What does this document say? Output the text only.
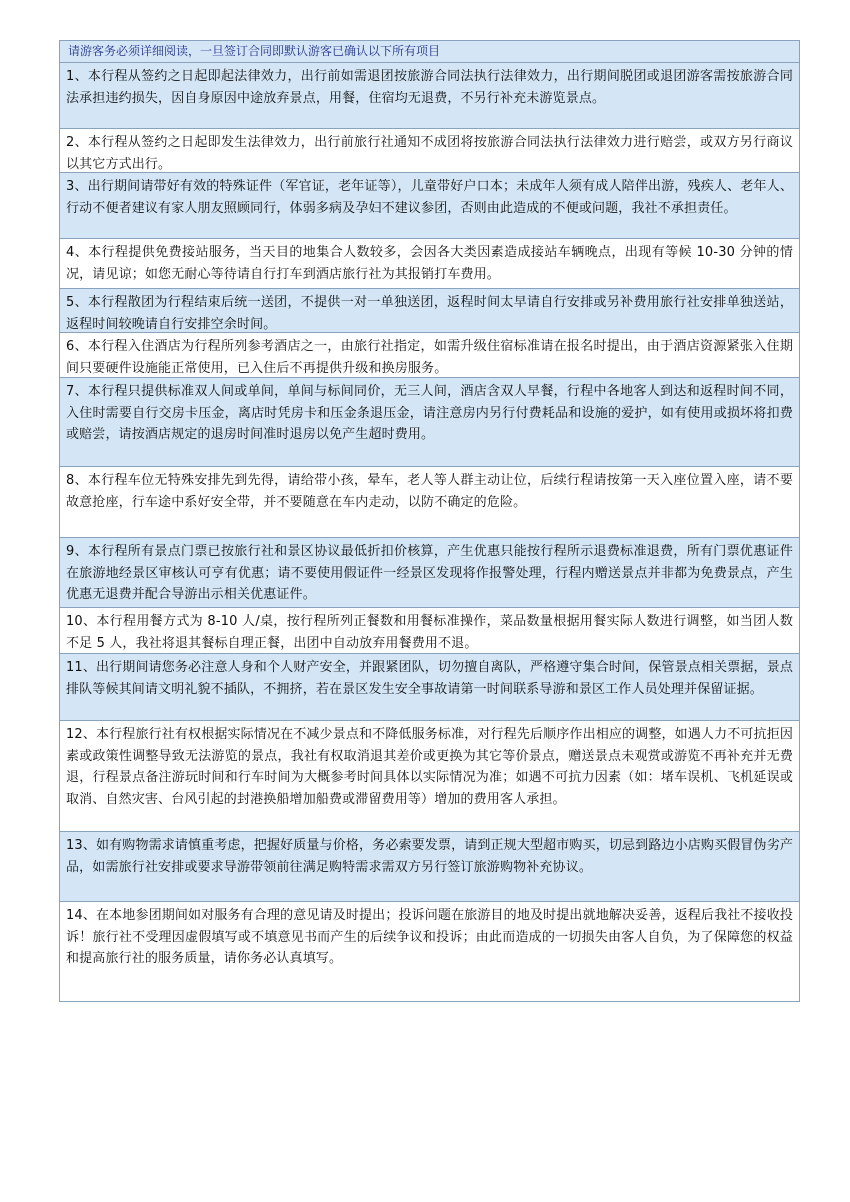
请游客务必须详细阅读，一旦签订合同即默认游客已确认以下所有项目
1、本行程从签约之日起即起法律效力，出行前如需退团按旅游合同法执行法律效力，出行期间脱团或退团游客需按旅游合同法承担违约损失，因自身原因中途放弃景点，用餐，住宿均无退费，不另行补充未游览景点。
2、本行程从签约之日起即发生法律效力，出行前旅行社通知不成团将按旅游合同法执行法律效力进行赔尝，或双方另行商议以其它方式出行。
3、出行期间请带好有效的特殊证件（军官证，老年证等），儿童带好户口本；未成年人须有成人陪伴出游，残疾人、老年人、行动不便者建议有家人朋友照顾同行，体弱多病及孕妇不建议参团，否则由此造成的不便或问题，我社不承担责任。
4、本行程提供免费接站服务，当天目的地集合人数较多，会因各大类因素造成接站车辆晚点，出现有等候 10-30 分钟的情况，请见谅；如您无耐心等待请自行打车到酒店旅行社为其报销打车费用。
5、本行程散团为行程结束后统一送团，不提供一对一单独送团，返程时间太早请自行安排或另补费用旅行社安排单独送站，返程时间较晚请自行安排空余时间。
6、本行程入住酒店为行程所列参考酒店之一，由旅行社指定，如需升级住宿标准请在报名时提出，由于酒店资源紧张入住期间只要硬件设施能正常使用，已入住后不再提供升级和换房服务。
7、本行程只提供标准双人间或单间，单间与标间同价，无三人间，酒店含双人早餐，行程中各地客人到达和返程时间不同，入住时需要自行交房卡压金，离店时凭房卡和压金条退压金，请注意房内另行付费耗品和设施的爱护，如有使用或损坏将扣费或赔尝，请按酒店规定的退房时间准时退房以免产生超时费用。
8、本行程车位无特殊安排先到先得，请给带小孩，晕车，老人等人群主动让位，后续行程请按第一天入座位置入座，请不要故意抢座，行车途中系好安全带，并不要随意在车内走动，以防不确定的危险。
9、本行程所有景点门票已按旅行社和景区协议最低折扣价核算，产生优惠只能按行程所示退费标准退费，所有门票优惠证件在旅游地经景区审核认可亨有优惠；请不要使用假证件一经景区发现将作报警处理，行程内赠送景点并非都为免费景点，产生优惠无退费并配合导游出示相关优惠证件。
10、本行程用餐方式为 8-10 人/桌，按行程所列正餐数和用餐标准操作，菜品数量根据用餐实际人数进行调整，如当团人数不足 5 人，我社将退其餐标自理正餐，出团中自动放弃用餐费用不退。
11、出行期间请您务必注意人身和个人财产安全，并跟紧团队，切勿擅自离队，严格遵守集合时间，保管景点相关票据，景点排队等候其间请文明礼貌不插队，不拥挤，若在景区发生安全事故请第一时间联系导游和景区工作人员处理并保留证据。
12、本行程旅行社有权根据实际情况在不减少景点和不降低服务标准，对行程先后顺序作出相应的调整，如遇人力不可抗拒因素或政策性调整导致无法游览的景点，我社有权取消退其差价或更换为其它等价景点，赠送景点未观赏或游览不再补充并无费退，行程景点备注游玩时间和行车时间为大概参考时间具体以实际情况为准；如遇不可抗力因素（如：堵车误机、飞机延误或取消、自然灾害、台风引起的封港换船增加船费或滞留费用等）增加的费用客人承担。
13、如有购物需求请慎重考虑，把握好质量与价格，务必索要发票，请到正规大型超市购买，切忌到路边小店购买假冒伪劣产品，如需旅行社安排或要求导游带领前往满足购特需求需双方另行签订旅游购物补充协议。
14、在本地参团期间如对服务有合理的意见请及时提出；投诉问题在旅游目的地及时提出就地解决妥善，返程后我社不接收投诉！旅行社不受理因虚假填写或不填意见书而产生的后续争议和投诉；由此而造成的一切损失由客人自负，为了保障您的权益和提高旅行社的服务质量，请你务必认真填写。
